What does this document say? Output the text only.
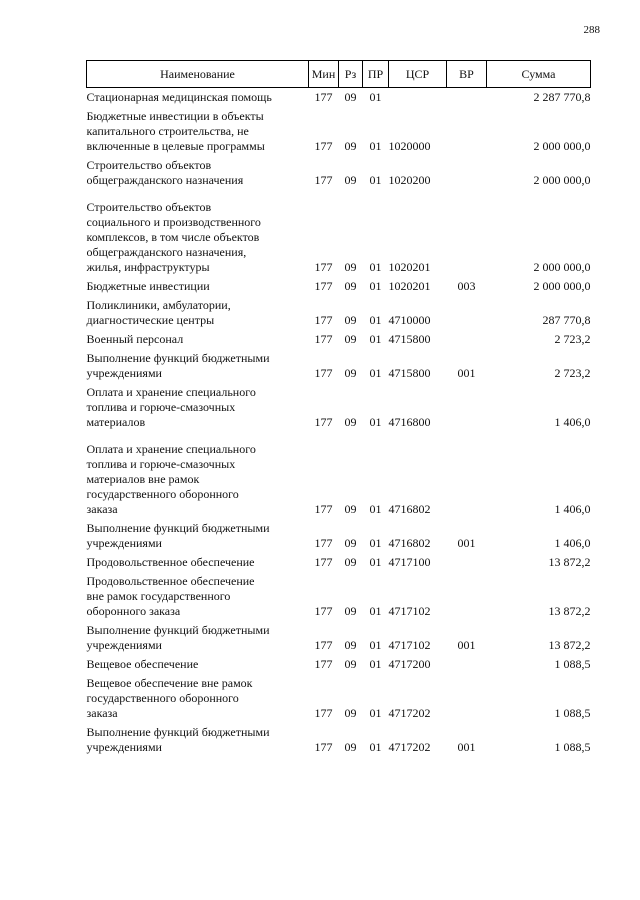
288
Наименование	Мин	Рз	ПР	ЦСР	ВР	Сумма
Стационарная медицинская помощь	177	09	01			2 287 770,8
Бюджетные инвестиции в объекты
капитального строительства, не
включенные в целевые программы	177	09	01	1020000		2 000 000,0
Строительство объектов
общегражданского назначения	177	09	01	1020200		2 000 000,0
Строительство объектов
социального и производственного
комплексов, в том числе объектов
общегражданского назначения,
жилья, инфраструктуры	177	09	01	1020201		2 000 000,0
Бюджетные инвестиции	177	09	01	1020201	003	2 000 000,0
Поликлиники, амбулатории,
диагностические центры	177	09	01	4710000		287 770,8
Военный персонал	177	09	01	4715800		2 723,2
Выполнение функций бюджетными
учреждениями	177	09	01	4715800	001	2 723,2
Оплата и хранение специального
топлива и горюче-смазочных
материалов	177	09	01	4716800		1 406,0
Оплата и хранение специального
топлива и горюче-смазочных
материалов вне рамок
государственного оборонного
заказа	177	09	01	4716802		1 406,0
Выполнение функций бюджетными
учреждениями	177	09	01	4716802	001	1 406,0
Продовольственное обеспечение	177	09	01	4717100		13 872,2
Продовольственное обеспечение
вне рамок государственного
оборонного заказа	177	09	01	4717102		13 872,2
Выполнение функций бюджетными
учреждениями	177	09	01	4717102	001	13 872,2
Вещевое обеспечение	177	09	01	4717200		1 088,5
Вещевое обеспечение вне рамок
государственного оборонного
заказа	177	09	01	4717202		1 088,5
Выполнение функций бюджетными
учреждениями	177	09	01	4717202	001	1 088,5
